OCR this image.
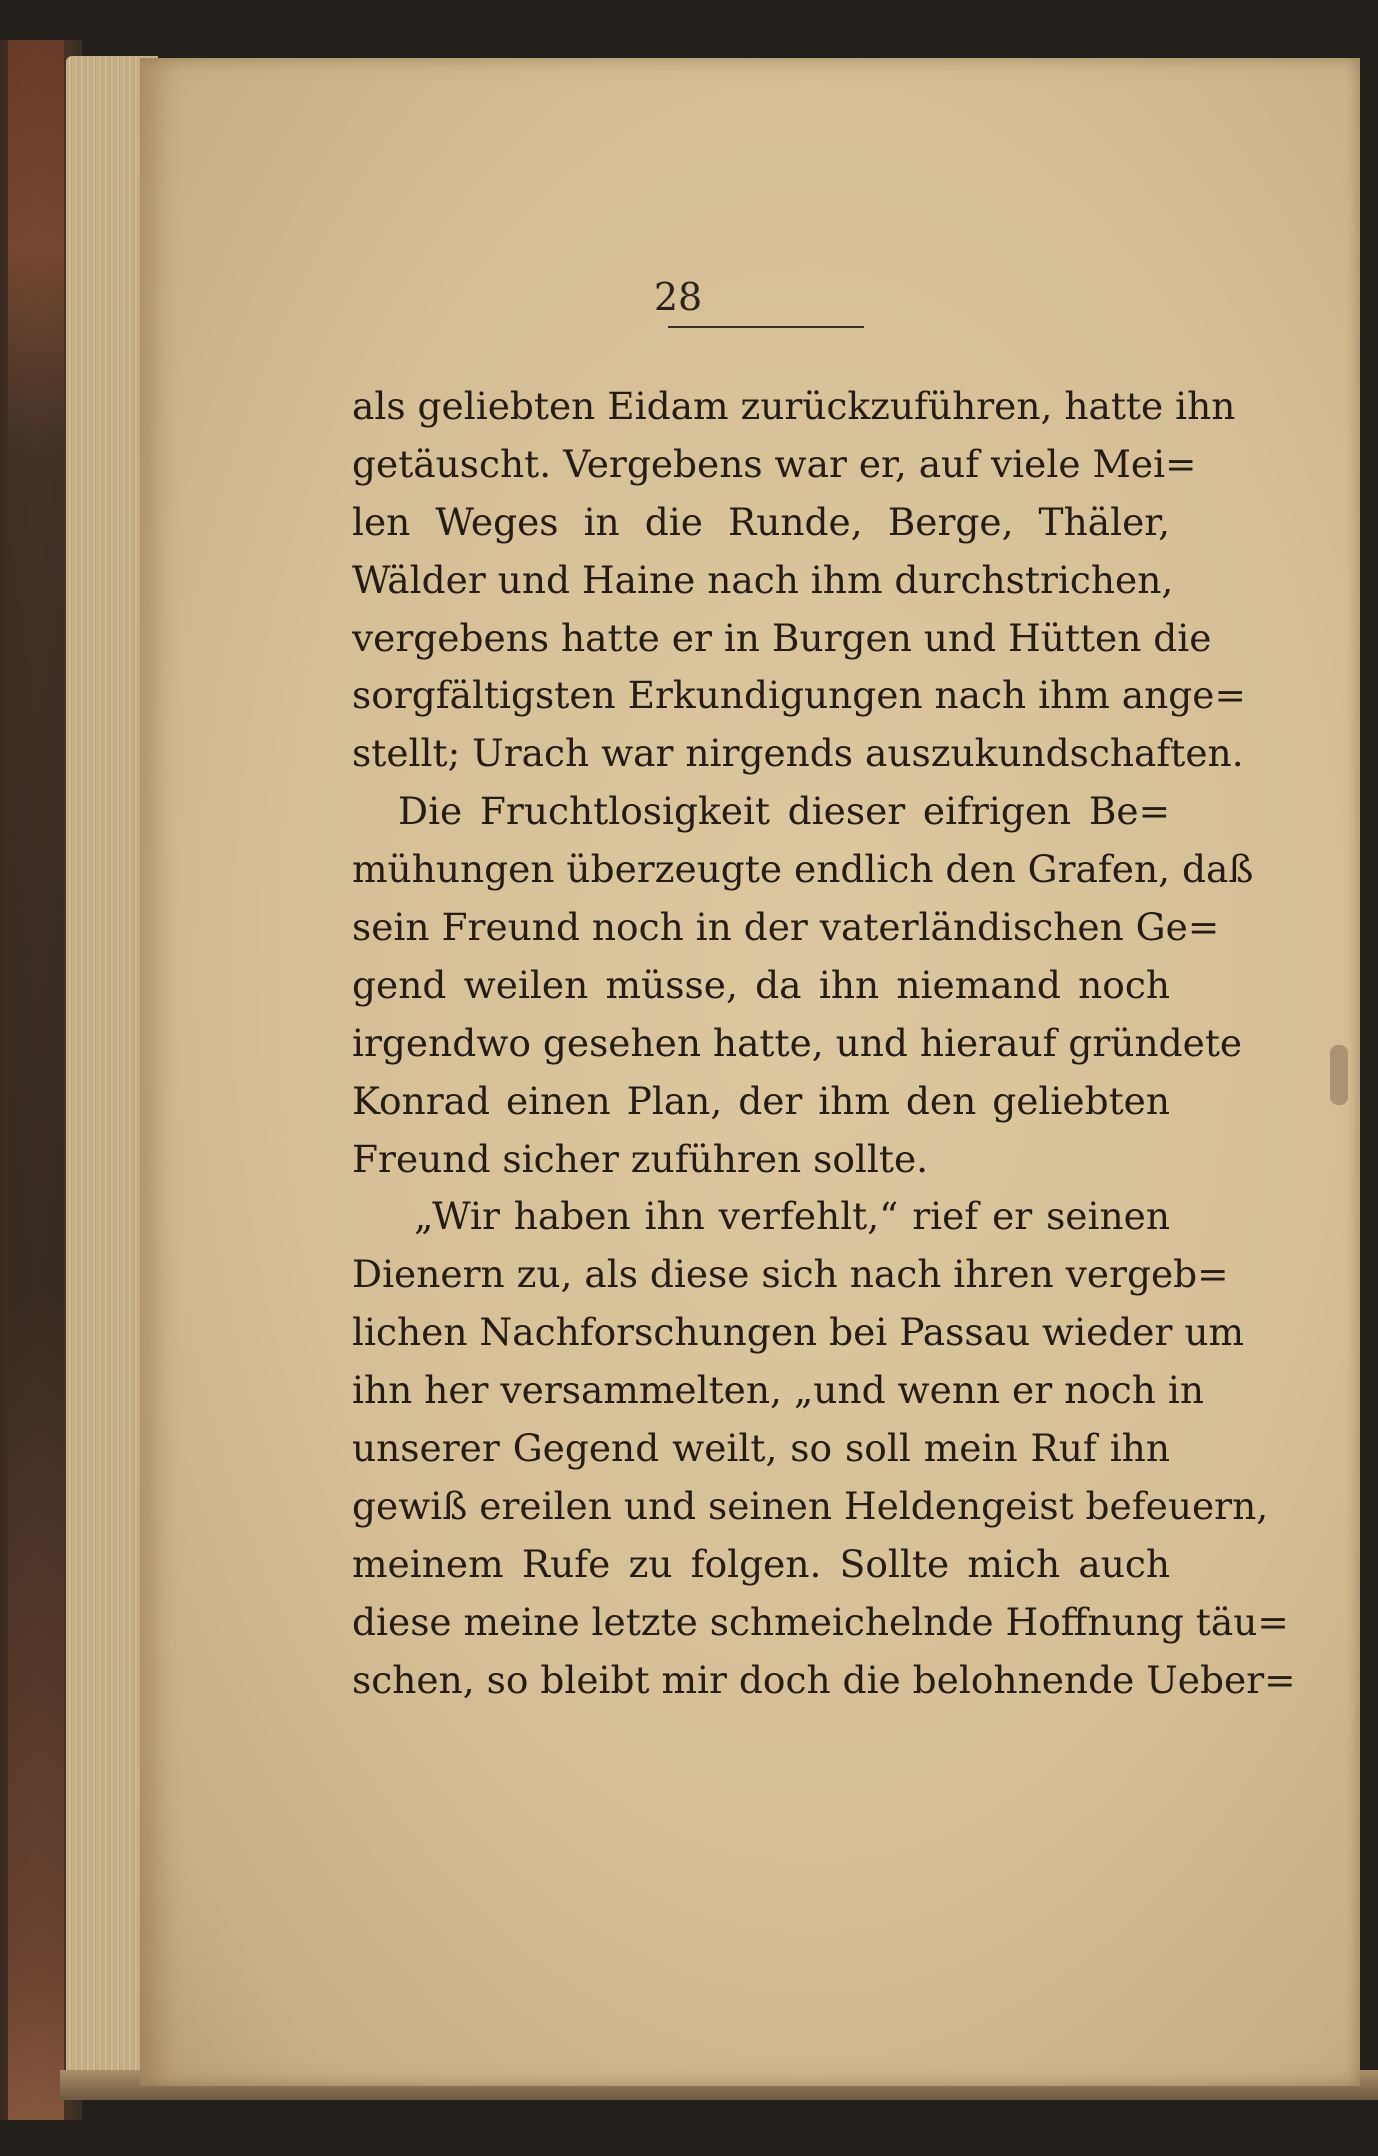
28
als geliebten Eidam zurückzuführen, hatte ihn
getäuscht. Vergebens war er, auf viele Mei=
len Weges in die Runde, Berge, Thäler,
Wälder und Haine nach ihm durchstrichen,
vergebens hatte er in Burgen und Hütten die
sorgfältigsten Erkundigungen nach ihm ange=
stellt; Urach war nirgends auszukundschaften.
Die Fruchtlosigkeit dieser eifrigen Be=
mühungen überzeugte endlich den Grafen, daß
sein Freund noch in der vaterländischen Ge=
gend weilen müsse, da ihn niemand noch
irgendwo gesehen hatte, und hierauf gründete
Konrad einen Plan, der ihm den geliebten
Freund sicher zuführen sollte.
„Wir haben ihn verfehlt,“ rief er seinen
Dienern zu, als diese sich nach ihren vergeb=
lichen Nachforschungen bei Passau wieder um
ihn her versammelten, „und wenn er noch in
unserer Gegend weilt, so soll mein Ruf ihn
gewiß ereilen und seinen Heldengeist befeuern,
meinem Rufe zu folgen. Sollte mich auch
diese meine letzte schmeichelnde Hoffnung täu=
schen, so bleibt mir doch die belohnende Ueber=
